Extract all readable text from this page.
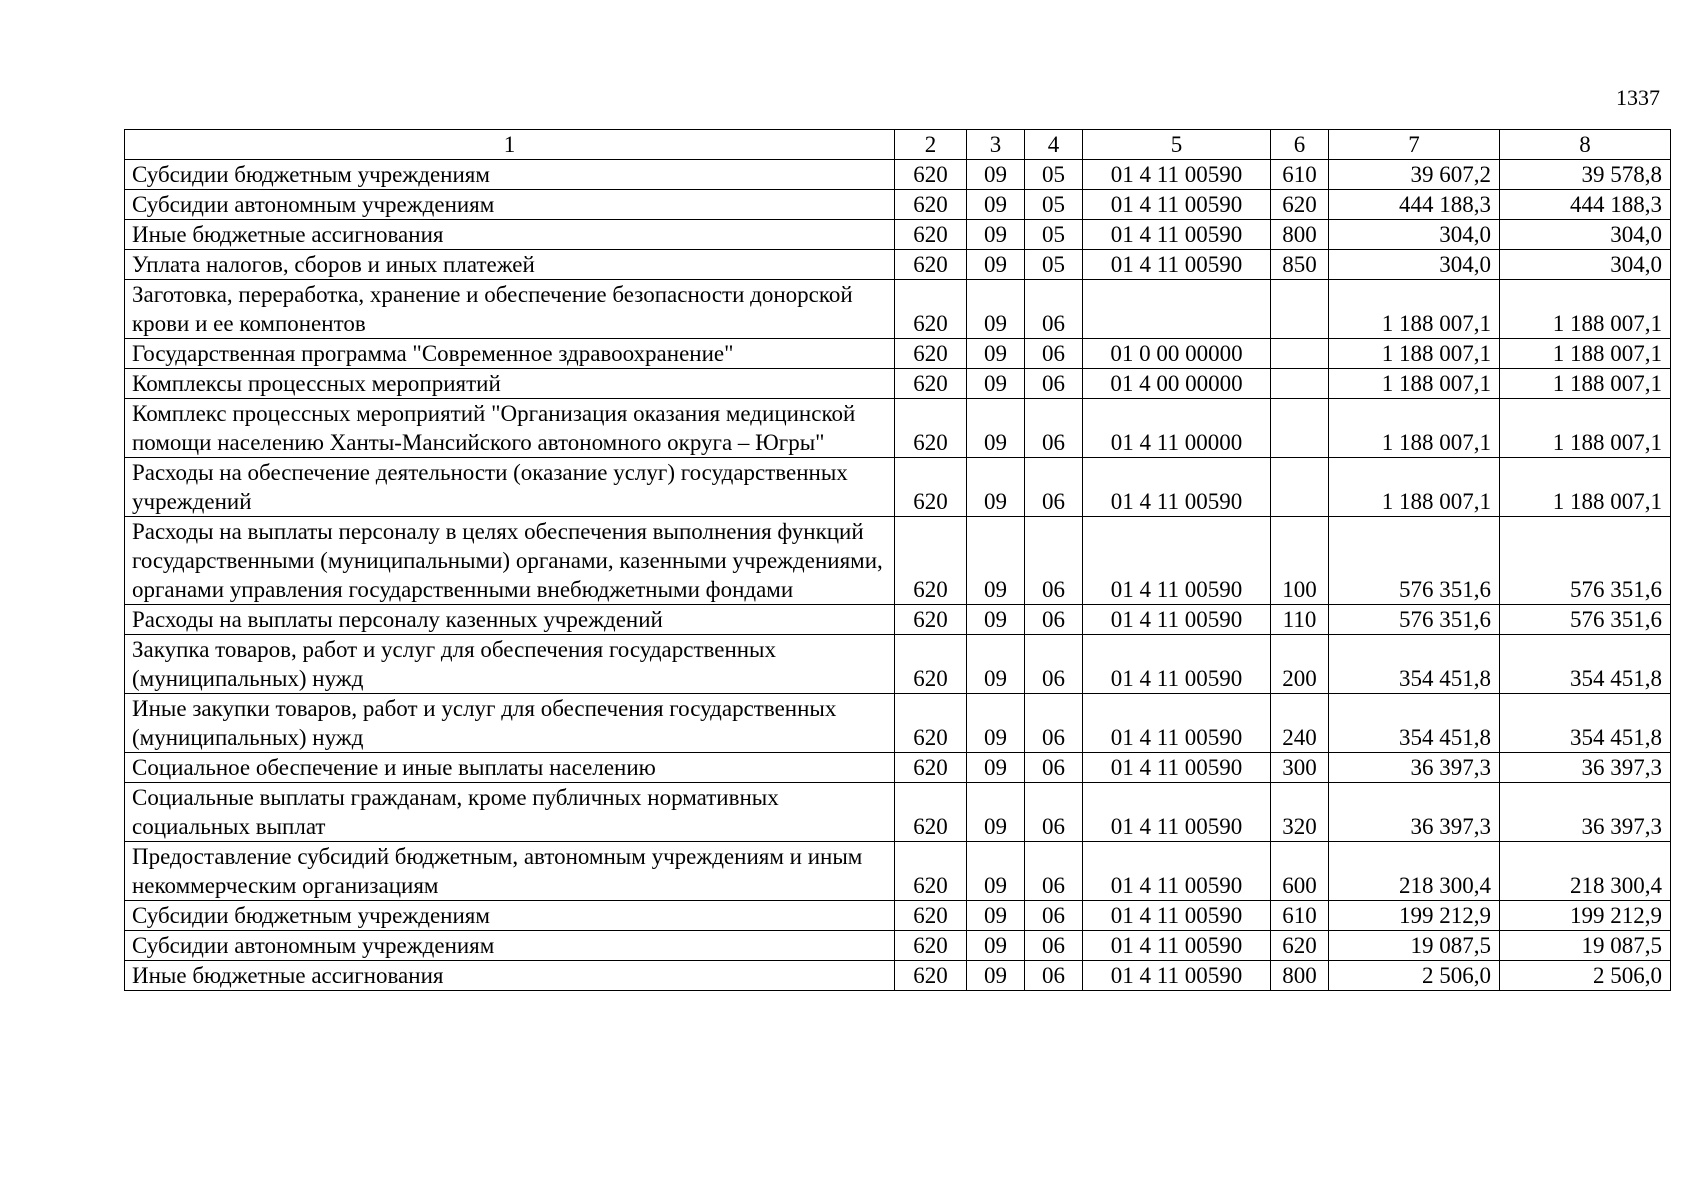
1337
1	2	3	4	5	6	7	8
Субсидии бюджетным учреждениям	620	09	05	01 4 11 00590	610	39 607,2	39 578,8
Субсидии автономным учреждениям	620	09	05	01 4 11 00590	620	444 188,3	444 188,3
Иные бюджетные ассигнования	620	09	05	01 4 11 00590	800	304,0	304,0
Уплата налогов, сборов и иных платежей	620	09	05	01 4 11 00590	850	304,0	304,0
Заготовка, переработка, хранение и обеспечение безопасности донорской крови и ее компонентов	620	09	06			1 188 007,1	1 188 007,1
Государственная программа "Современное здравоохранение"	620	09	06	01 0 00 00000		1 188 007,1	1 188 007,1
Комплексы процессных мероприятий	620	09	06	01 4 00 00000		1 188 007,1	1 188 007,1
Комплекс процессных мероприятий "Организация оказания медицинской помощи населению Ханты-Мансийского автономного округа – Югры"	620	09	06	01 4 11 00000		1 188 007,1	1 188 007,1
Расходы на обеспечение деятельности (оказание услуг) государственных учреждений	620	09	06	01 4 11 00590		1 188 007,1	1 188 007,1
Расходы на выплаты персоналу в целях обеспечения выполнения функций государственными (муниципальными) органами, казенными учреждениями, органами управления государственными внебюджетными фондами	620	09	06	01 4 11 00590	100	576 351,6	576 351,6
Расходы на выплаты персоналу казенных учреждений	620	09	06	01 4 11 00590	110	576 351,6	576 351,6
Закупка товаров, работ и услуг для обеспечения государственных (муниципальных) нужд	620	09	06	01 4 11 00590	200	354 451,8	354 451,8
Иные закупки товаров, работ и услуг для обеспечения государственных (муниципальных) нужд	620	09	06	01 4 11 00590	240	354 451,8	354 451,8
Социальное обеспечение и иные выплаты населению	620	09	06	01 4 11 00590	300	36 397,3	36 397,3
Социальные выплаты гражданам, кроме публичных нормативных социальных выплат	620	09	06	01 4 11 00590	320	36 397,3	36 397,3
Предоставление субсидий бюджетным, автономным учреждениям и иным некоммерческим организациям	620	09	06	01 4 11 00590	600	218 300,4	218 300,4
Субсидии бюджетным учреждениям	620	09	06	01 4 11 00590	610	199 212,9	199 212,9
Субсидии автономным учреждениям	620	09	06	01 4 11 00590	620	19 087,5	19 087,5
Иные бюджетные ассигнования	620	09	06	01 4 11 00590	800	2 506,0	2 506,0
